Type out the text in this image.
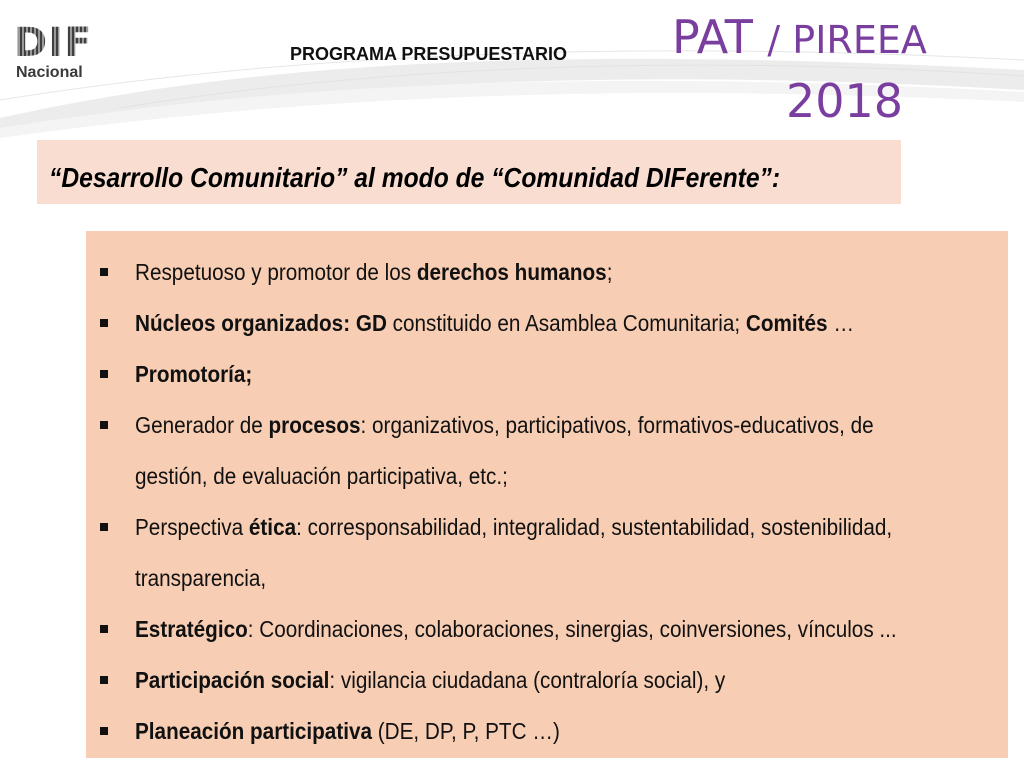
DIF
Nacional
PROGRAMA PRESUPUESTARIO PAT / PIREEA
2018
“Desarrollo Comunitario” al modo de “Comunidad DIFerente”:
Respetuoso y promotor de los derechos humanos;
Núcleos organizados: GD constituido en Asamblea Comunitaria; Comités …
Promotoría;
Generador de procesos: organizativos, participativos, formativos-educativos, de
gestión, de evaluación participativa, etc.;
Perspectiva ética: corresponsabilidad, integralidad, sustentabilidad, sostenibilidad,
transparencia,
Estratégico: Coordinaciones, colaboraciones, sinergias, coinversiones, vínculos ...
Participación social: vigilancia ciudadana (contraloría social), y
Planeación participativa (DE, DP, P, PTC …)
